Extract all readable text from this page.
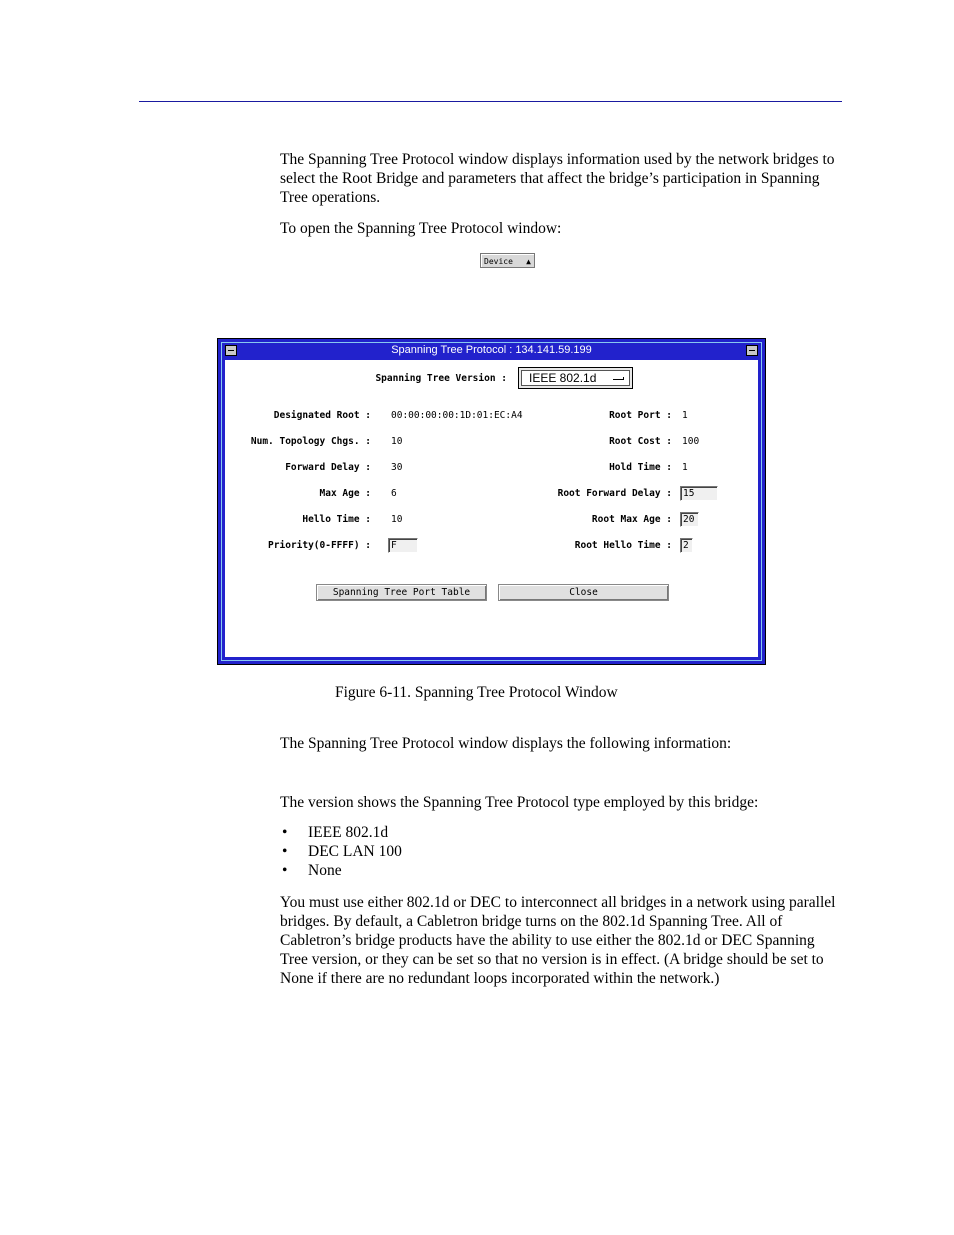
The Spanning Tree Protocol window displays information used by the network bridges to select the Root Bridge and parameters that affect the bridge’s participation in Spanning Tree operations.

To open the Spanning Tree Protocol window:

Device ▲
Spanning Tree Protocol : 134.141.59.199
Spanning Tree Version :	IEEE 802.1d
Designated Root : 00:00:00:00:1D:01:EC:A4
Num. Topology Chgs. : 10
Forward Delay : 30
Max Age : 6
Hello Time : 10
Priority(0-FFFF) :	F
Root Port : 1
Root Cost : 100
Hold Time : 1
Root Forward Delay :	15
Root Max Age :	20
Root Hello Time :	2
Spanning Tree Port Table	Close
Figure 6-11. Spanning Tree Protocol Window

The Spanning Tree Protocol window displays the following information:

The version shows the Spanning Tree Protocol type employed by this bridge:

• IEEE 802.1d
• DEC LAN 100
• None

You must use either 802.1d or DEC to interconnect all bridges in a network using parallel bridges. By default, a Cabletron bridge turns on the 802.1d Spanning Tree. All of Cabletron’s bridge products have the ability to use either the 802.1d or DEC Spanning Tree version, or they can be set so that no version is in effect. (A bridge should be set to None if there are no redundant loops incorporated within the network.)
